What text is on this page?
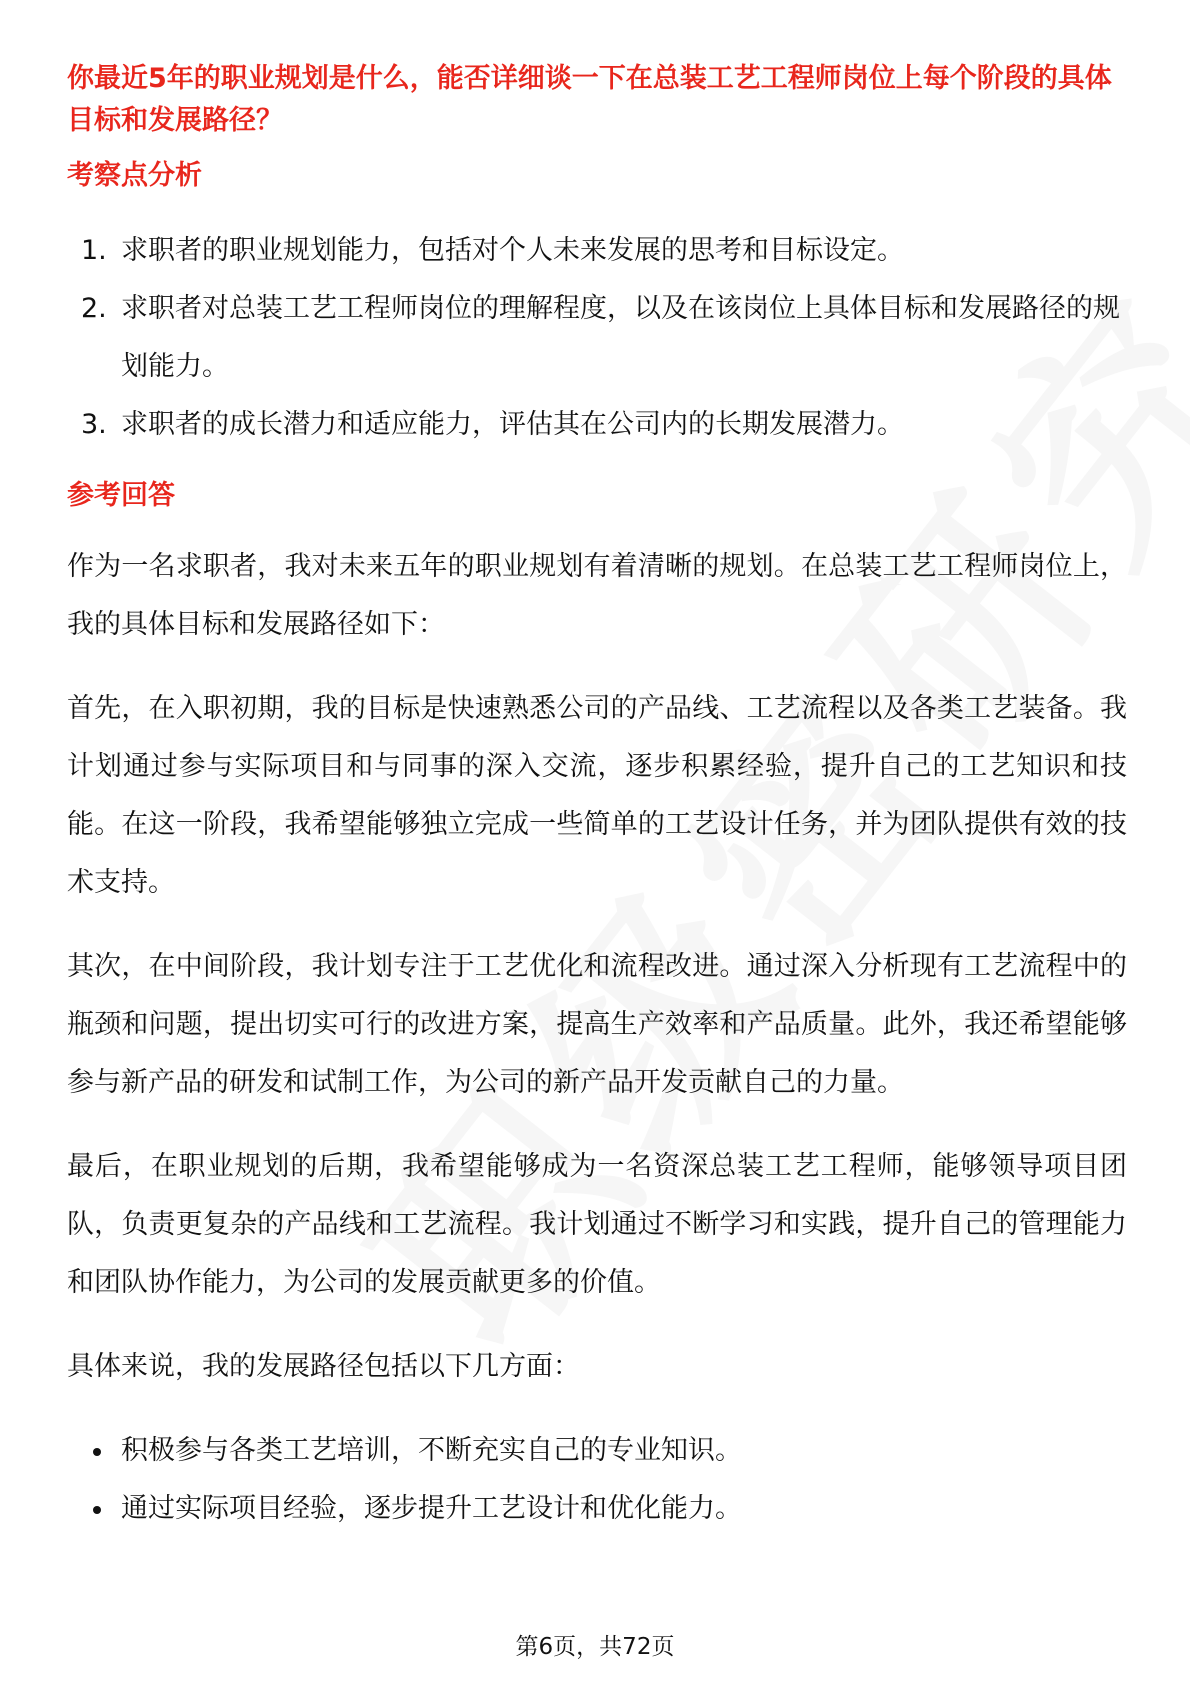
你最近5年的职业规划是什么，能否详细谈一下在总装工艺工程师岗位上每个阶段的具体目标和发展路径？

考察点分析

1. 求职者的职业规划能力，包括对个人未来发展的思考和目标设定。
2. 求职者对总装工艺工程师岗位的理解程度，以及在该岗位上具体目标和发展路径的规划能力。
3. 求职者的成长潜力和适应能力，评估其在公司内的长期发展潜力。

参考回答

作为一名求职者，我对未来五年的职业规划有着清晰的规划。在总装工艺工程师岗位上，我的具体目标和发展路径如下：

首先，在入职初期，我的目标是快速熟悉公司的产品线、工艺流程以及各类工艺装备。我计划通过参与实际项目和与同事的深入交流，逐步积累经验，提升自己的工艺知识和技能。在这一阶段，我希望能够独立完成一些简单的工艺设计任务，并为团队提供有效的技术支持。

其次，在中间阶段，我计划专注于工艺优化和流程改进。通过深入分析现有工艺流程中的瓶颈和问题，提出切实可行的改进方案，提高生产效率和产品质量。此外，我还希望能够参与新产品的研发和试制工作，为公司的新产品开发贡献自己的力量。

最后，在职业规划的后期，我希望能够成为一名资深总装工艺工程师，能够领导项目团队，负责更复杂的产品线和工艺流程。我计划通过不断学习和实践，提升自己的管理能力和团队协作能力，为公司的发展贡献更多的价值。

具体来说，我的发展路径包括以下几方面：

积极参与各类工艺培训，不断充实自己的专业知识。
通过实际项目经验，逐步提升工艺设计和优化能力。
第6页，共72页
